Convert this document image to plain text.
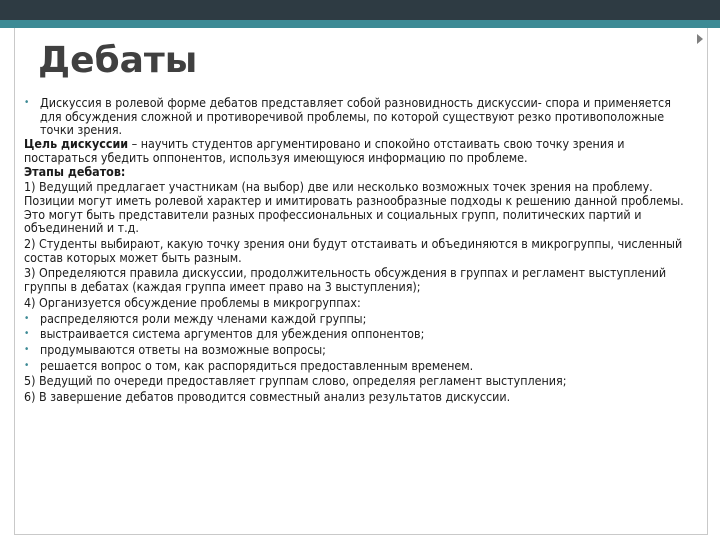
Дебаты
• Дискуссия в ролевой форме дебатов представляет собой разновидность дискуссии- спора и применяется для обсуждения сложной и противоречивой проблемы, по которой существуют резко противоположные точки зрения.

Цель дискуссии – научить студентов аргументировано и спокойно отстаивать свою точку зрения и постараться убедить оппонентов, используя имеющуюся информацию по проблеме.

Этапы дебатов:

1) Ведущий предлагает участникам (на выбор) две или несколько возможных точек зрения на проблему. Позиции могут иметь ролевой характер и имитировать разнообразные подходы к решению данной проблемы. Это могут быть представители разных профессиональных и социальных групп, политических партий и объединений и т.д.

2) Студенты выбирают, какую точку зрения они будут отстаивать и объединяются в микрогруппы, численный состав которых может быть разным.

3) Определяются правила дискуссии, продолжительность обсуждения в группах и регламент выступлений группы в дебатах (каждая группа имеет право на 3 выступления);

4) Организуется обсуждение проблемы в микрогруппах:

• распределяются роли между членами каждой группы;
• выстраивается система аргументов для убеждения оппонентов;
• продумываются ответы на возможные вопросы;
• решается вопрос о том, как распорядиться предоставленным временем.

5) Ведущий по очереди предоставляет группам слово, определяя регламент выступления;

6) В завершение дебатов проводится совместный анализ результатов дискуссии.
